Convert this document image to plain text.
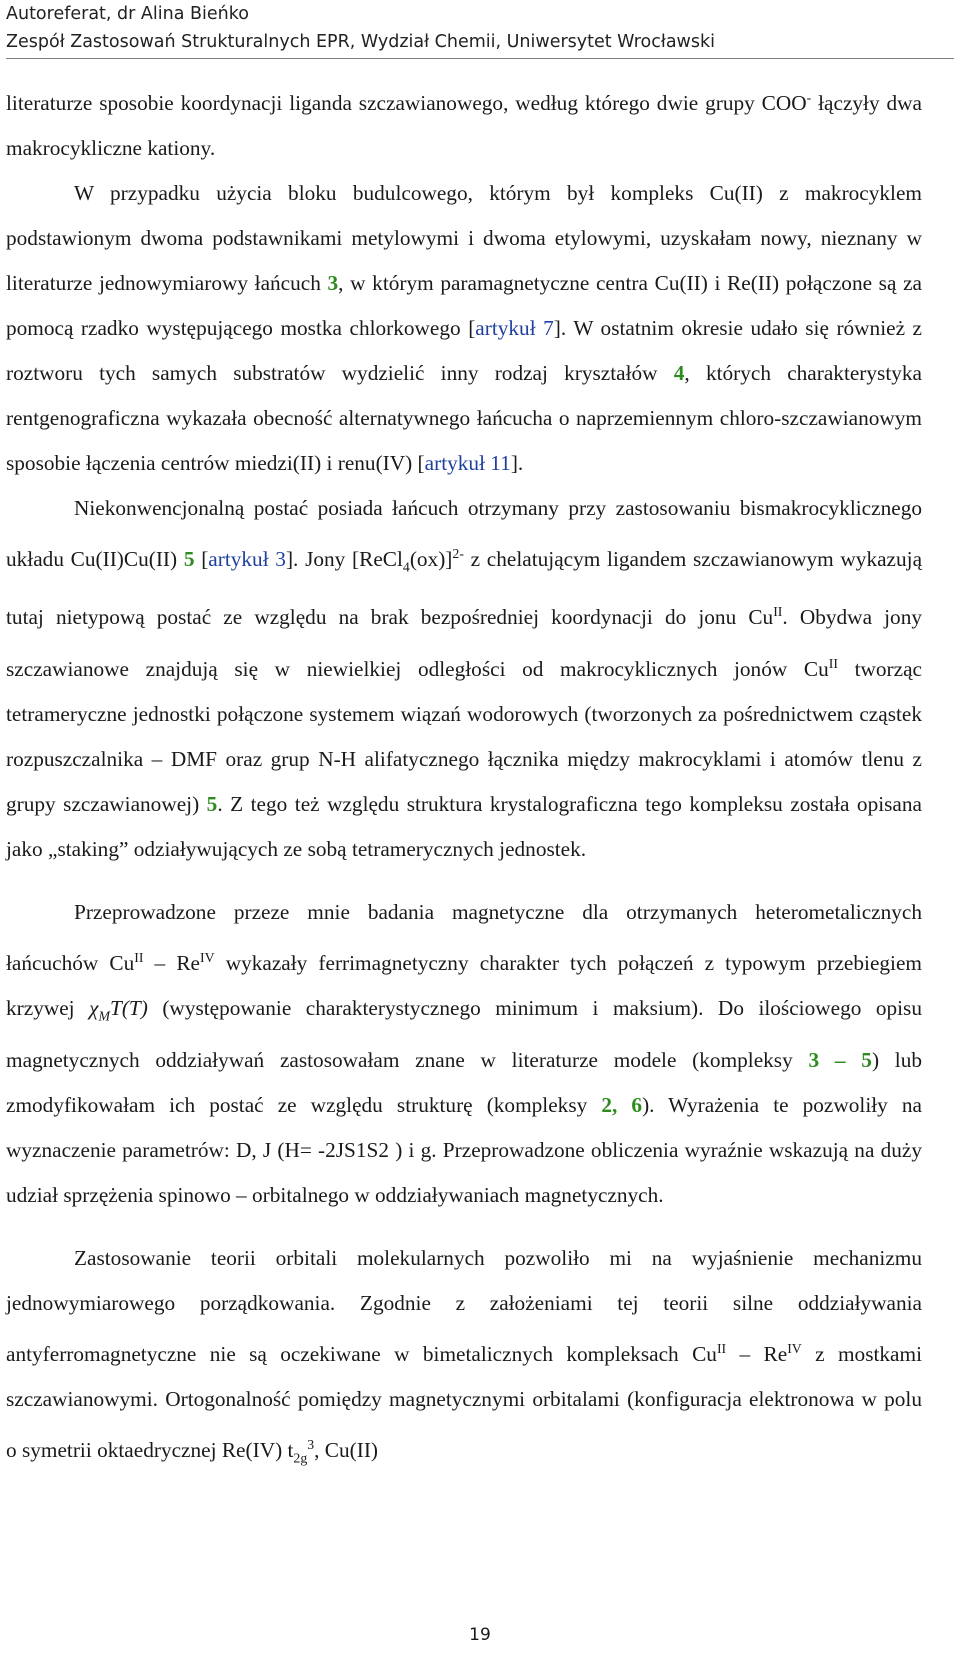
Autoreferat, dr Alina Bieńko
Zespół Zastosowań Strukturalnych EPR, Wydział Chemii, Uniwersytet Wrocławski

literaturze sposobie koordynacji liganda szczawianowego, według którego dwie grupy COO- łączyły dwa makrocykliczne kationy.

W przypadku użycia bloku budulcowego, którym był kompleks Cu(II) z makrocyklem podstawionym dwoma podstawnikami metylowymi i dwoma etylowymi, uzyskałam nowy, nieznany w literaturze jednowymiarowy łańcuch 3, w którym paramagnetyczne centra Cu(II) i Re(II) połączone są za pomocą rzadko występującego mostka chlorkowego [artykuł 7]. W ostatnim okresie udało się również z roztworu tych samych substratów wydzielić inny rodzaj kryształów 4, których charakterystyka rentgenograficzna wykazała obecność alternatywnego łańcucha o naprzemiennym chloro-szczawianowym sposobie łączenia centrów miedzi(II) i renu(IV) [artykuł 11].

Niekonwencjonalną postać posiada łańcuch otrzymany przy zastosowaniu bismakrocyklicznego układu Cu(II)Cu(II) 5 [artykuł 3]. Jony [ReCl$_4$(ox)]$^{2-}$ z chelatującym ligandem szczawianowym wykazują tutaj nietypową postać ze względu na brak bezpośredniej koordynacji do jonu $Cu^{II}$. Obydwa jony szczawianowe znajdują się w niewielkiej odległości od makrocyklicznych jonów $Cu^{II}$ tworząc tetrameryczne jednostki połączone systemem wiązań wodorowych (tworzonych za pośrednictwem cząstek rozpuszczalnika – DMF oraz grup N-H alifatycznego łącznika między makrocyklami i atomów tlenu z grupy szczawianowej) 5. Z tego też względu struktura krystalograficzna tego kompleksu została opisana jako „staking” odziaływujących ze sobą tetramerycznych jednostek.

Przeprowadzone przeze mnie badania magnetyczne dla otrzymanych heterometalicznych łańcuchów $Cu^{II} - Re^{IV}$ wykazały ferrimagnetyczny charakter tych połączeń z typowym przebiegiem krzywej $\chi_MT(T)$ (występowanie charakterystycznego minimum i maksium). Do ilościowego opisu magnetycznych oddziaływań zastosowałam znane w literaturze modele (kompleksy 3 – 5) lub zmodyfikowałam ich postać ze względu strukturę (kompleksy 2, 6). Wyrażenia te pozwoliły na wyznaczenie parametrów: D, J (H= -2JS1S2 ) i g. Przeprowadzone obliczenia wyraźnie wskazują na duży udział sprzężenia spinowo – orbitalnego w oddziaływaniach magnetycznych.

Zastosowanie teorii orbitali molekularnych pozwoliło mi na wyjaśnienie mechanizmu jednowymiarowego porządkowania. Zgodnie z założeniami tej teorii silne oddziaływania antyferromagnetyczne nie są oczekiwane w bimetalicznych kompleksach $Cu^{II} - Re^{IV}$ z mostkami szczawianowymi. Ortogonalność pomiędzy magnetycznymi orbitalami (konfiguracja elektronowa w polu o symetrii oktaedrycznej Re(IV) $t_{2g}^3$, Cu(II)

19
